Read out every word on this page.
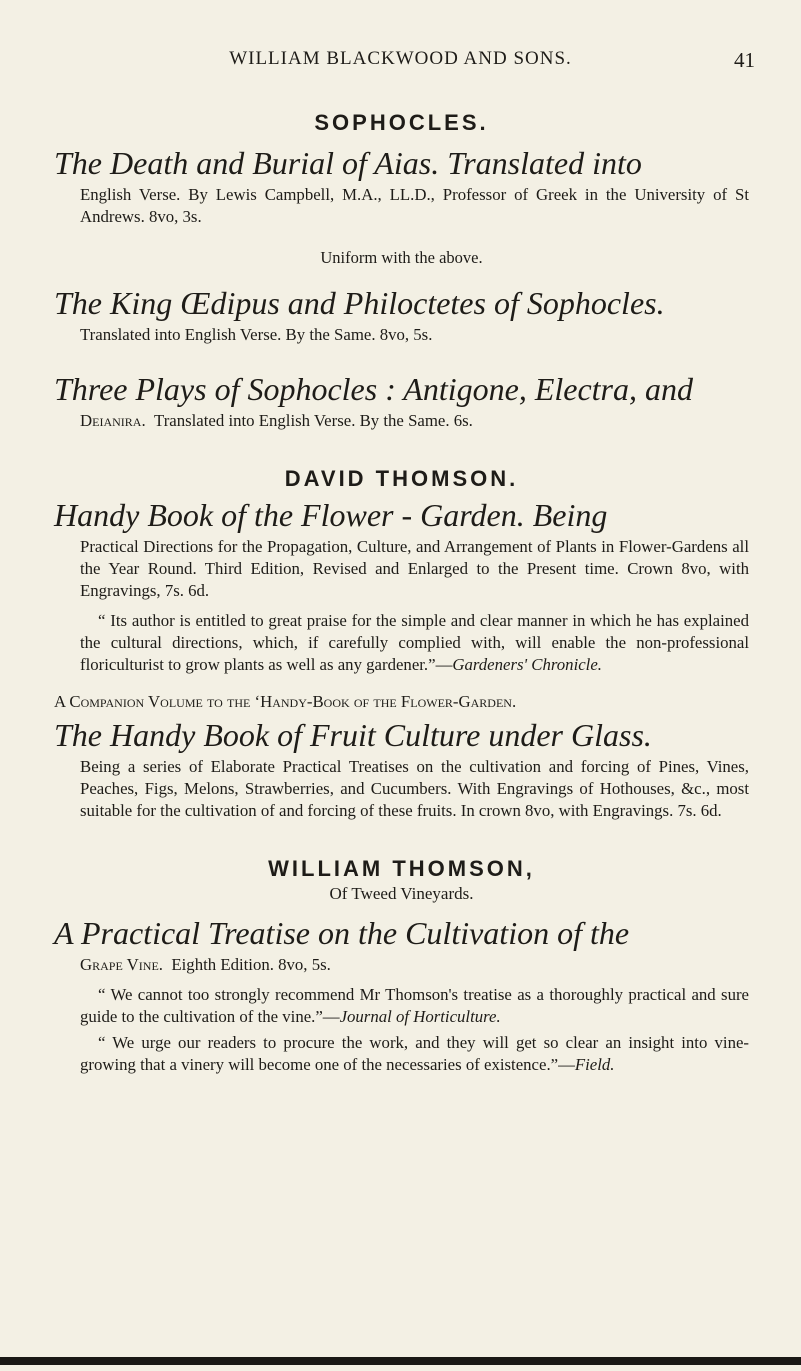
WILLIAM BLACKWOOD AND SONS.	41

SOPHOCLES.

The Death and Burial of Aias. Translated into

English Verse. By Lewis Campbell, M.A., LL.D., Professor of Greek in the University of St Andrews. 8vo, 3s.

Uniform with the above.

The King Œdipus and Philoctetes of Sophocles.

Translated into English Verse. By the Same. 8vo, 5s.

Three Plays of Sophocles : Antigone, Electra, and

Deianira. Translated into English Verse. By the Same. 6s.

DAVID THOMSON.

Handy Book of the Flower - Garden. Being

Practical Directions for the Propagation, Culture, and Arrangement of Plants in Flower-Gardens all the Year Round. Third Edition, Revised and Enlarged to the Present time. Crown 8vo, with Engravings, 7s. 6d.

“ Its author is entitled to great praise for the simple and clear manner in which he has explained the cultural directions, which, if carefully complied with, will enable the non-professional floriculturist to grow plants as well as any gardener.”—Gardeners' Chronicle.

A Companion Volume to the ‘Handy-Book of the Flower-Garden.

The Handy Book of Fruit Culture under Glass.

Being a series of Elaborate Practical Treatises on the cultivation and forcing of Pines, Vines, Peaches, Figs, Melons, Strawberries, and Cucumbers. With Engravings of Hothouses, &c., most suitable for the cultivation of and forcing of these fruits. In crown 8vo, with Engravings. 7s. 6d.

WILLIAM THOMSON,

Of Tweed Vineyards.

A Practical Treatise on the Cultivation of the

Grape Vine. Eighth Edition. 8vo, 5s.

“ We cannot too strongly recommend Mr Thomson's treatise as a thoroughly practical and sure guide to the cultivation of the vine.”—Journal of Horticulture.

“ We urge our readers to procure the work, and they will get so clear an insight into vine-growing that a vinery will become one of the necessaries of existence.”—Field.
